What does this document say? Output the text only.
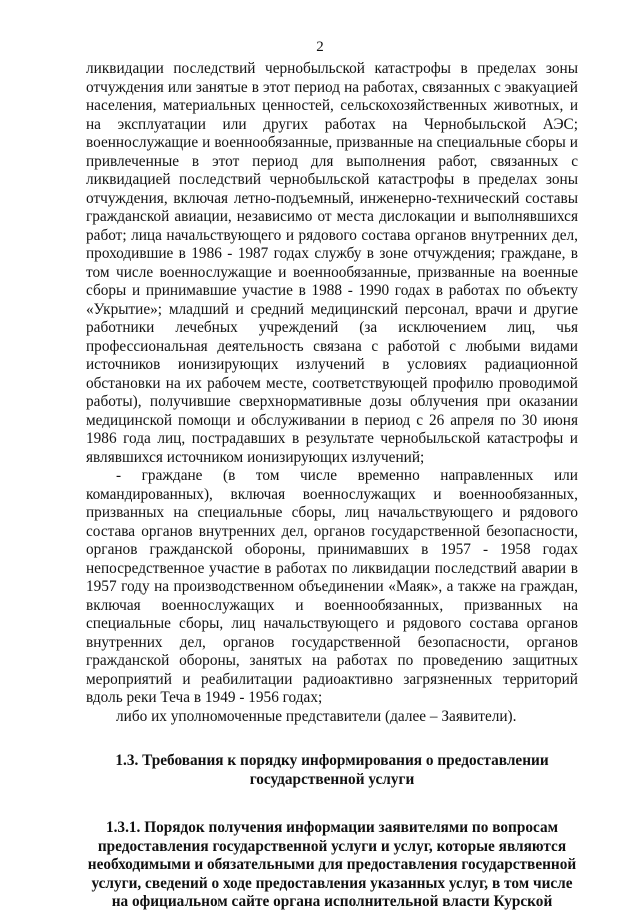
2

ликвидации последствий чернобыльской катастрофы в пределах зоны отчуждения или занятые в этот период на работах, связанных с эвакуацией населения, материальных ценностей, сельскохозяйственных животных, и на эксплуатации или других работах на Чернобыльской АЭС; военнослужащие и военнообязанные, призванные на специальные сборы и привлеченные в этот период для выполнения работ, связанных с ликвидацией последствий чернобыльской катастрофы в пределах зоны отчуждения, включая летно-подъемный, инженерно-технический составы гражданской авиации, независимо от места дислокации и выполнявшихся работ; лица начальствующего и рядового состава органов внутренних дел, проходившие в 1986 - 1987 годах службу в зоне отчуждения; граждане, в том числе военнослужащие и военнообязанные, призванные на военные сборы и принимавшие участие в 1988 - 1990 годах в работах по объекту «Укрытие»; младший и средний медицинский персонал, врачи и другие работники лечебных учреждений (за исключением лиц, чья профессиональная деятельность связана с работой с любыми видами источников ионизирующих излучений в условиях радиационной обстановки на их рабочем месте, соответствующей профилю проводимой работы), получившие сверхнормативные дозы облучения при оказании медицинской помощи и обслуживании в период с 26 апреля по 30 июня 1986 года лиц, пострадавших в результате чернобыльской катастрофы и являвшихся источником ионизирующих излучений;

- граждане (в том числе временно направленных или командированных), включая военнослужащих и военнообязанных, призванных на специальные сборы, лиц начальствующего и рядового состава органов внутренних дел, органов государственной безопасности, органов гражданской обороны, принимавших в 1957 - 1958 годах непосредственное участие в работах по ликвидации последствий аварии в 1957 году на производственном объединении «Маяк», а также на граждан, включая военнослужащих и военнообязанных, призванных на специальные сборы, лиц начальствующего и рядового состава органов внутренних дел, органов государственной безопасности, органов гражданской обороны, занятых на работах по проведению защитных мероприятий и реабилитации радиоактивно загрязненных территорий вдоль реки Теча в 1949 - 1956 годах;

либо их уполномоченные представители (далее – Заявители).

1.3. Требования к порядку информирования о предоставлении государственной услуги
1.3.1. Порядок получения информации заявителями по вопросам предоставления государственной услуги и услуг, которые являются необходимыми и обязательными для предоставления государственной услуги, сведений о ходе предоставления указанных услуг, в том числе на официальном сайте органа исполнительной власти Курской
